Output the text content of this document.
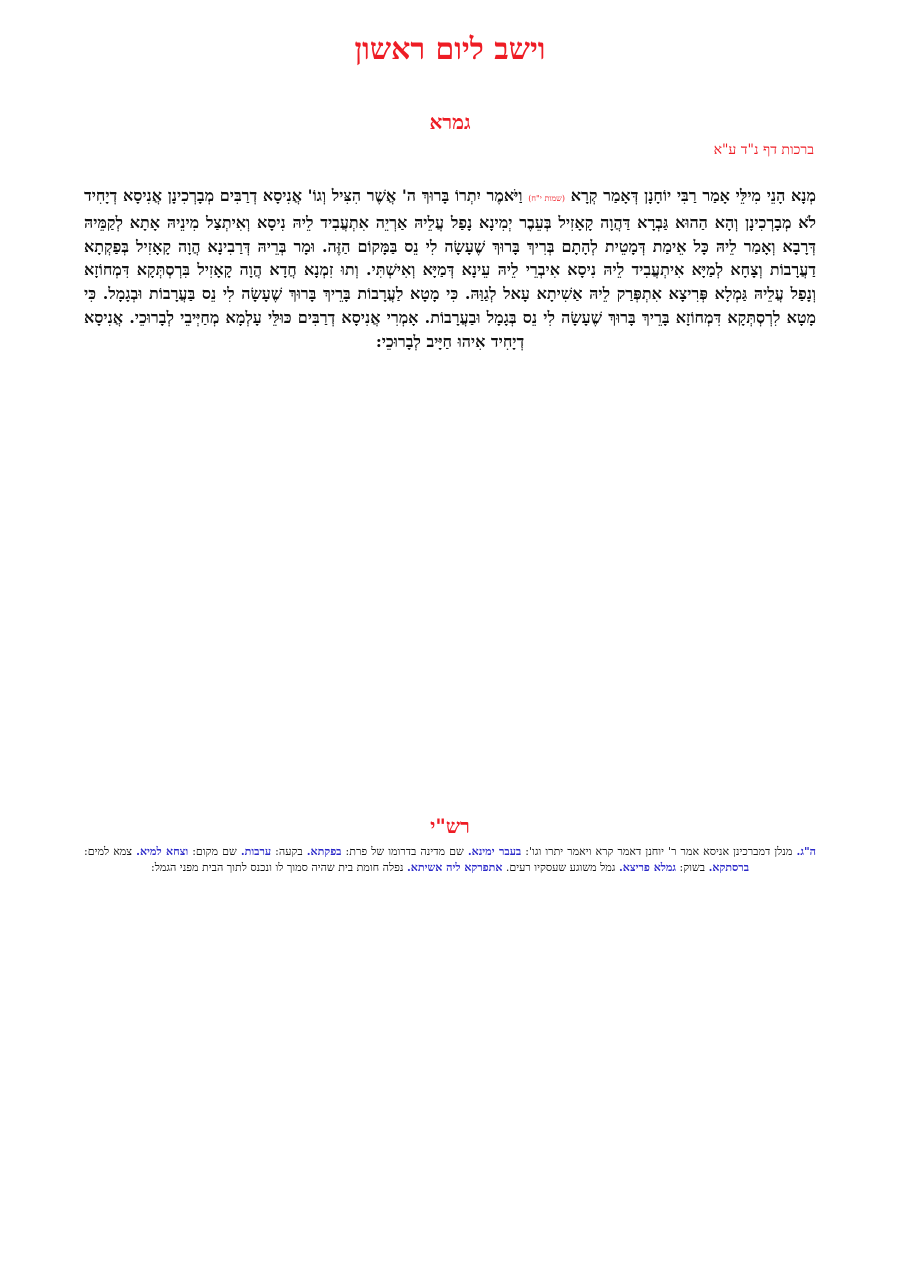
וישב ליום ראשון
גמרא
ברכות דף נ"ד ע"א

מְנָא הָנֵי מִילֵּי אָמַר רַבִּי יוֹחָנָן דְּאָמַר קְרָא (שמות י"ח) וַיֹּאמֶר יִתְרוֹ בָּרוּךְ ה' אֲשֶׁר הִצִּיל וְגוֹ' אֲנִיסָא דְרַבִּים מְבָרְכִינָן אֲנִיסָא דְיָחִיד לֹא מְבָרְכִינָן וְהָא הַהוּא גַּבְרָא דַּהֲוָה קָאָזִיל בְּעֵבֶר יְמִינָא נָפַל עֲלֵיהּ אַרְיֵה אִתְעֲבִיד לֵיהּ נִיסָא וְאִיתְצַל מִינֵיהּ אָתָא לְקַמֵּיהּ דְּרָבָא וְאָמַר לֵיהּ כָּל אֵימַת דְּמָטֵית לְהָתָם בְּרִיךְ בָּרוּךְ שֶׁעָשָׂה לִי נֵס בַּמָּקוֹם הַזֶּה. וּמָר בְּרֵיהּ דְּרַבִינָא הֲוָה קָאָזִיל בְּפַקְתָא דַעֲרָבוֹת וְצָחָא לְמַיָּא אִיתְעֲבִיד לֵיהּ נִיסָא אִיבְרֵי לֵיהּ עֵינָא דְּמַיָּא וְאִישְׁתִּי. וְתוּ זִמְנָא חֲדָא הֲוָה קָאָזִיל בִּרְסְתְּקָא דִּמְחוֹזָא וְנָפַל עֲלֵיהּ גַּמְלָא פְּרִיצָא אִתְפְּרַק לֵיהּ אַשִׁיתָא עָאל לְגַוַּהּ. כִּי מָטָא לַעֲרָבוֹת בָּרֵיךְ בָּרוּךְ שֶׁעָשָׂה לִי נֵס בַּעֲרָבוֹת וּבְגָמָל. כִּי מָטָא לִרְסְתְּקָא דִּמְחוֹזָא בָּרֵיךְ בָּרוּךְ שֶׁעָשָׂה לִי נֵס בְּגָמָל וּבַעֲרָבוֹת. אָמְרִי אֲנִיסָא דְרַבִּים כּוּלֵּי עָלְמָא מְחַיְּיבֵי לְבָרוּכֵי. אֲנִיסָא דְיָחִיד אִיהוּ חַיָּיב לְבָרוּכֵי:

רש"י

ה"ג. מנלן דמברכינן אניסא אמר ר' יוחנן דאמר קרא ויאמר יתרו וגו': בעבר ימינא. שם מדינה בדרומו של פרת: בפקתא. בקעה: ערבות. שם מקום: וצחא למיא. צמא למים: ברסתקא. בשוק: גמלא פריצא. גמל משוגע שעסקיו רעים. אתפרקא ליה אשיתא. נפלה חומת בית שהיה סמוך לו ונכנס לתוך הבית מפני הגמל:
